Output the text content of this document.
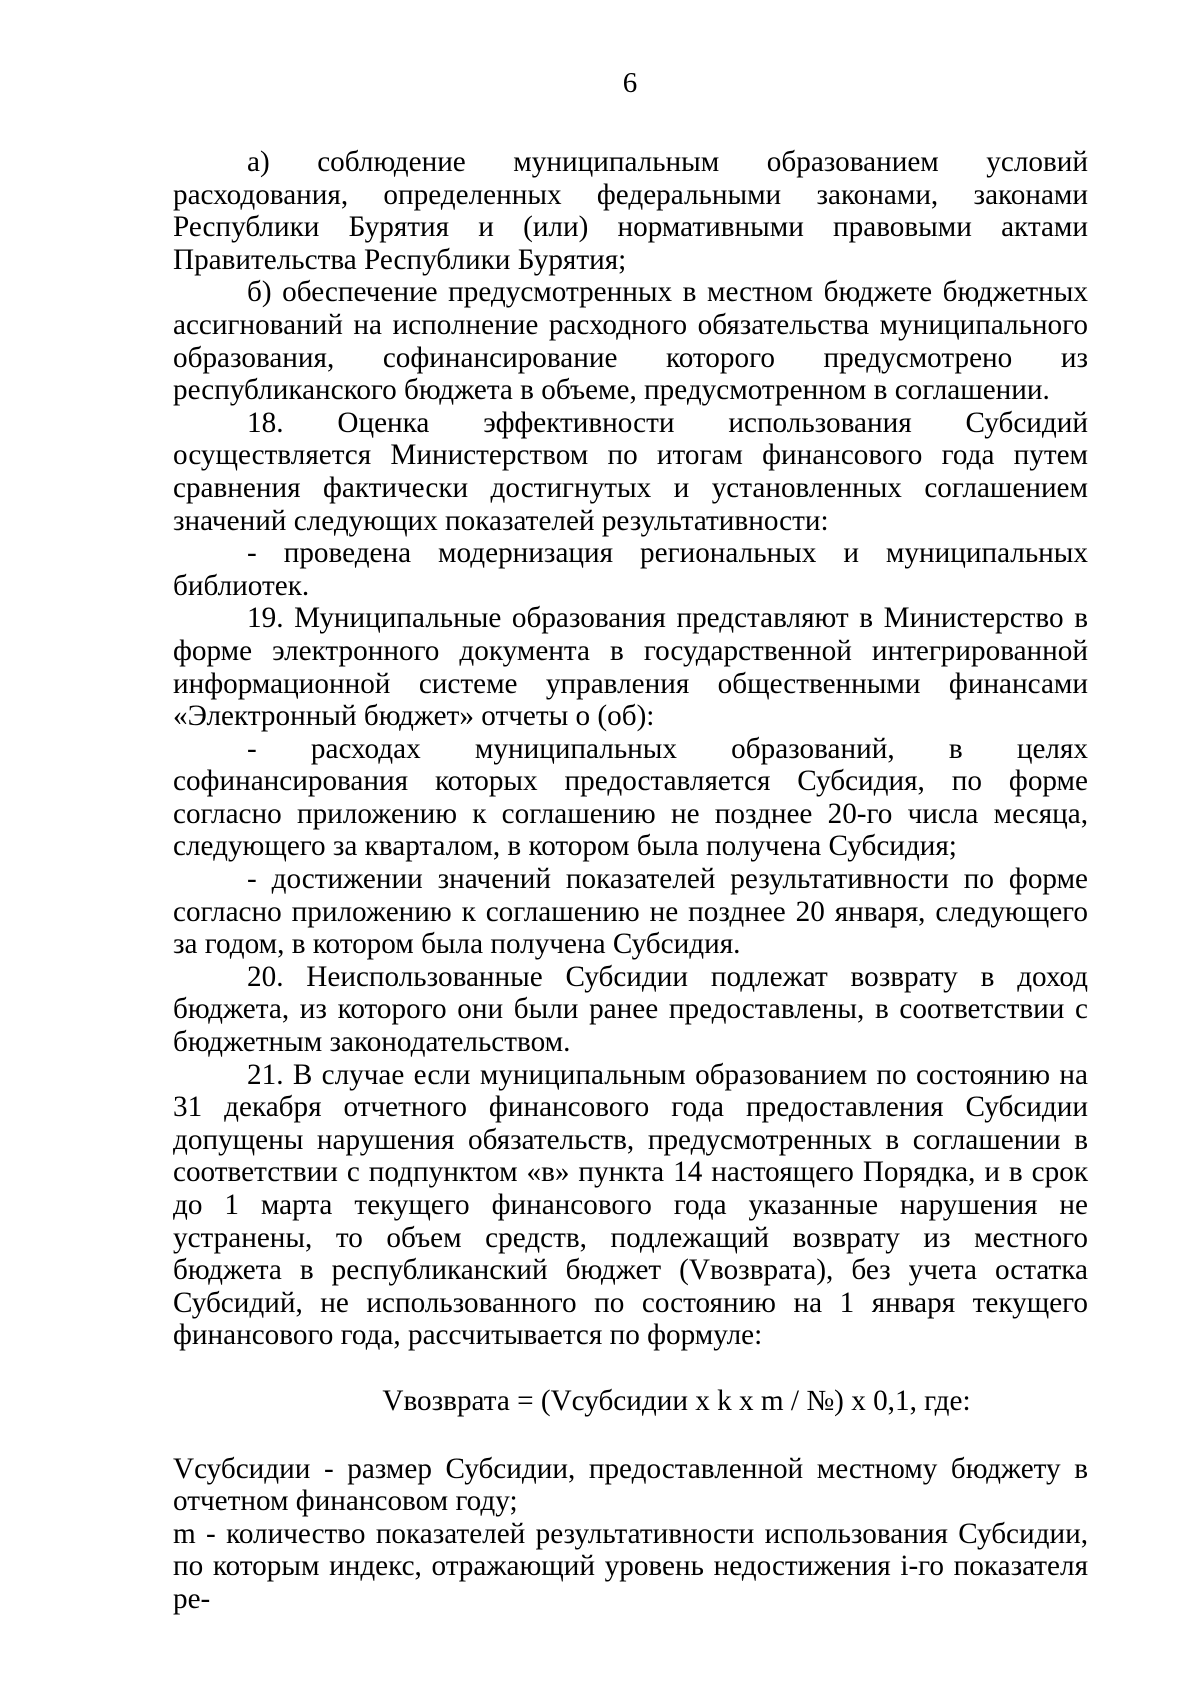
6

а) соблюдение муниципальным образованием условий расходования, определенных федеральными законами, законами Республики Бурятия и (или) нормативными правовыми актами Правительства Республики Бурятия;

б) обеспечение предусмотренных в местном бюджете бюджетных ассигнований на исполнение расходного обязательства муниципального образования, софинансирование которого предусмотрено из республиканского бюджета в объеме, предусмотренном в соглашении.

18. Оценка эффективности использования Субсидий осуществляется Министерством по итогам финансового года путем сравнения фактически достигнутых и установленных соглашением значений следующих показателей результативности:

- проведена модернизация региональных и муниципальных библиотек.

19. Муниципальные образования представляют в Министерство в форме электронного документа в государственной интегрированной информационной системе управления общественными финансами «Электронный бюджет» отчеты о (об):

- расходах муниципальных образований, в целях софинансирования которых предоставляется Субсидия, по форме согласно приложению к соглашению не позднее 20-го числа месяца, следующего за кварталом, в котором была получена Субсидия;

- достижении значений показателей результативности по форме согласно приложению к соглашению не позднее 20 января, следующего за годом, в котором была получена Субсидия.

20. Неиспользованные Субсидии подлежат возврату в доход бюджета, из которого они были ранее предоставлены, в соответствии с бюджетным законодательством.

21. В случае если муниципальным образованием по состоянию на 31 декабря отчетного финансового года предоставления Субсидии допущены нарушения обязательств, предусмотренных в соглашении в соответствии с подпунктом «в» пункта 14 настоящего Порядка, и в срок до 1 марта текущего финансового года указанные нарушения не устранены, то объем средств, подлежащий возврату из местного бюджета в республиканский бюджет (Vвозврата), без учета остатка Субсидий, не использованного по состоянию на 1 января текущего финансового года, рассчитывается по формуле:

Vвозврата = (Vсубсидии x k x m / №) x 0,1, где:

Vсубсидии - размер Субсидии, предоставленной местному бюджету в отчетном финансовом году;

m - количество показателей результативности использования Субсидии, по которым индекс, отражающий уровень недостижения i-го показателя ре-
